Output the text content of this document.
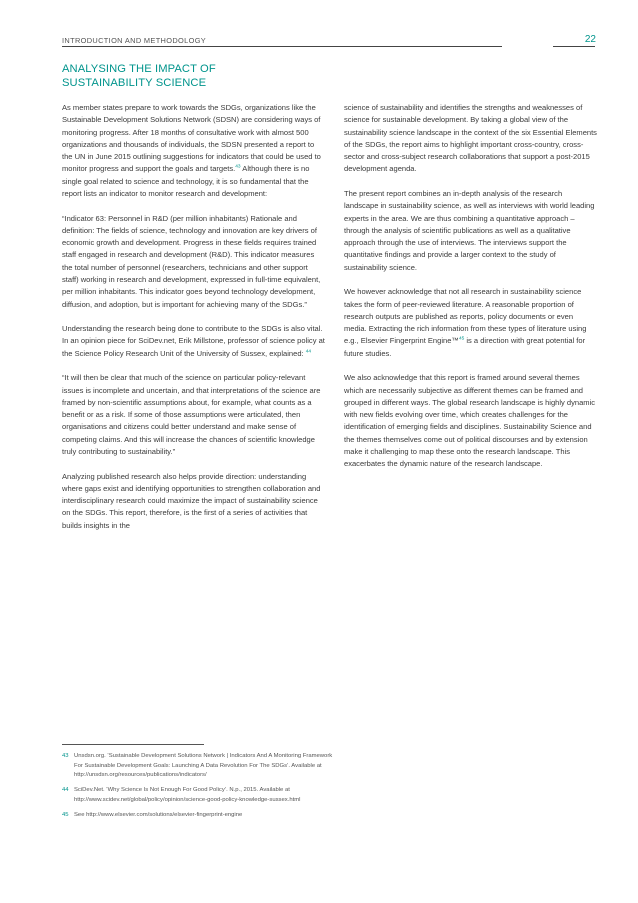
INTRODUCTION AND METHODOLOGY	22
ANALYSING THE IMPACT OF
SUSTAINABILITY SCIENCE

As member states prepare to work towards the SDGs, organizations like the Sustainable Development Solutions Network (SDSN) are considering ways of monitoring progress. After 18 months of consultative work with almost 500 organizations and thousands of individuals, the SDSN presented a report to the UN in June 2015 outlining suggestions for indicators that could be used to monitor progress and support the goals and targets.$^{43}$ Although there is no single goal related to science and technology, it is so fundamental that the report lists an indicator to monitor research and development:

“Indicator 63: Personnel in R&D (per million inhabitants) Rationale and definition: The fields of science, technology and innovation are key drivers of economic growth and development. Progress in these fields requires trained staff engaged in research and development (R&D). This indicator measures the total number of personnel (researchers, technicians and other support staff) working in research and development, expressed in full-time equivalent, per million inhabitants. This indicator goes beyond technology development, diffusion, and adoption, but is important for achieving many of the SDGs.”

Understanding the research being done to contribute to the SDGs is also vital. In an opinion piece for SciDev.net, Erik Millstone, professor of science policy at the Science Policy Research Unit of the University of Sussex, explained: $^{44}$

“It will then be clear that much of the science on particular policy-relevant issues is incomplete and uncertain, and that interpretations of the science are framed by non-scientific assumptions about, for example, what counts as a benefit or as a risk. If some of those assumptions were articulated, then organisations and citizens could better understand and make sense of competing claims. And this will increase the chances of scientific knowledge truly contributing to sustainability.”

Analyzing published research also helps provide direction: understanding where gaps exist and identifying opportunities to strengthen collaboration and interdisciplinary research could maximize the impact of sustainability science on the SDGs. This report, therefore, is the first of a series of activities that builds insights in the

science of sustainability and identifies the strengths and weaknesses of science for sustainable development. By taking a global view of the sustainability science landscape in the context of the six Essential Elements of the SDGs, the report aims to highlight important cross-country, cross-sector and cross-subject research collaborations that support a post-2015 development agenda.

The present report combines an in-depth analysis of the research landscape in sustainability science, as well as interviews with world leading experts in the area. We are thus combining a quantitative approach – through the analysis of scientific publications as well as a qualitative approach through the use of interviews. The interviews support the quantitative findings and provide a larger context to the study of sustainability science.

We however acknowledge that not all research in sustainability science takes the form of peer-reviewed literature. A reasonable proportion of research outputs are published as reports, policy documents or even media. Extracting the rich information from these types of literature using e.g., Elsevier Fingerprint Engine™$^{45}$ is a direction with great potential for future studies.

We also acknowledge that this report is framed around several themes which are necessarily subjective as different themes can be framed and grouped in different ways. The global research landscape is highly dynamic with new fields evolving over time, which creates challenges for the identification of emerging fields and disciplines. Sustainability Science and the themes themselves come out of political discourses and by extension make it challenging to map these onto the research landscape. This exacerbates the dynamic nature of the research landscape.

43 Unsdsn.org. ‘Sustainable Development Solutions Network | Indicators And A Monitoring Framework
For Sustainable Development Goals: Launching A Data Revolution For The SDGs’. Available at
http://unsdsn.org/resources/publications/indicators/
44 SciDev.Net. ‘Why Science Is Not Enough For Good Policy’. N.p., 2015. Available at
http://www.scidev.net/global/policy/opinion/science-good-policy-knowledge-sussex.html
45 See http://www.elsevier.com/solutions/elsevier-fingerprint-engine
